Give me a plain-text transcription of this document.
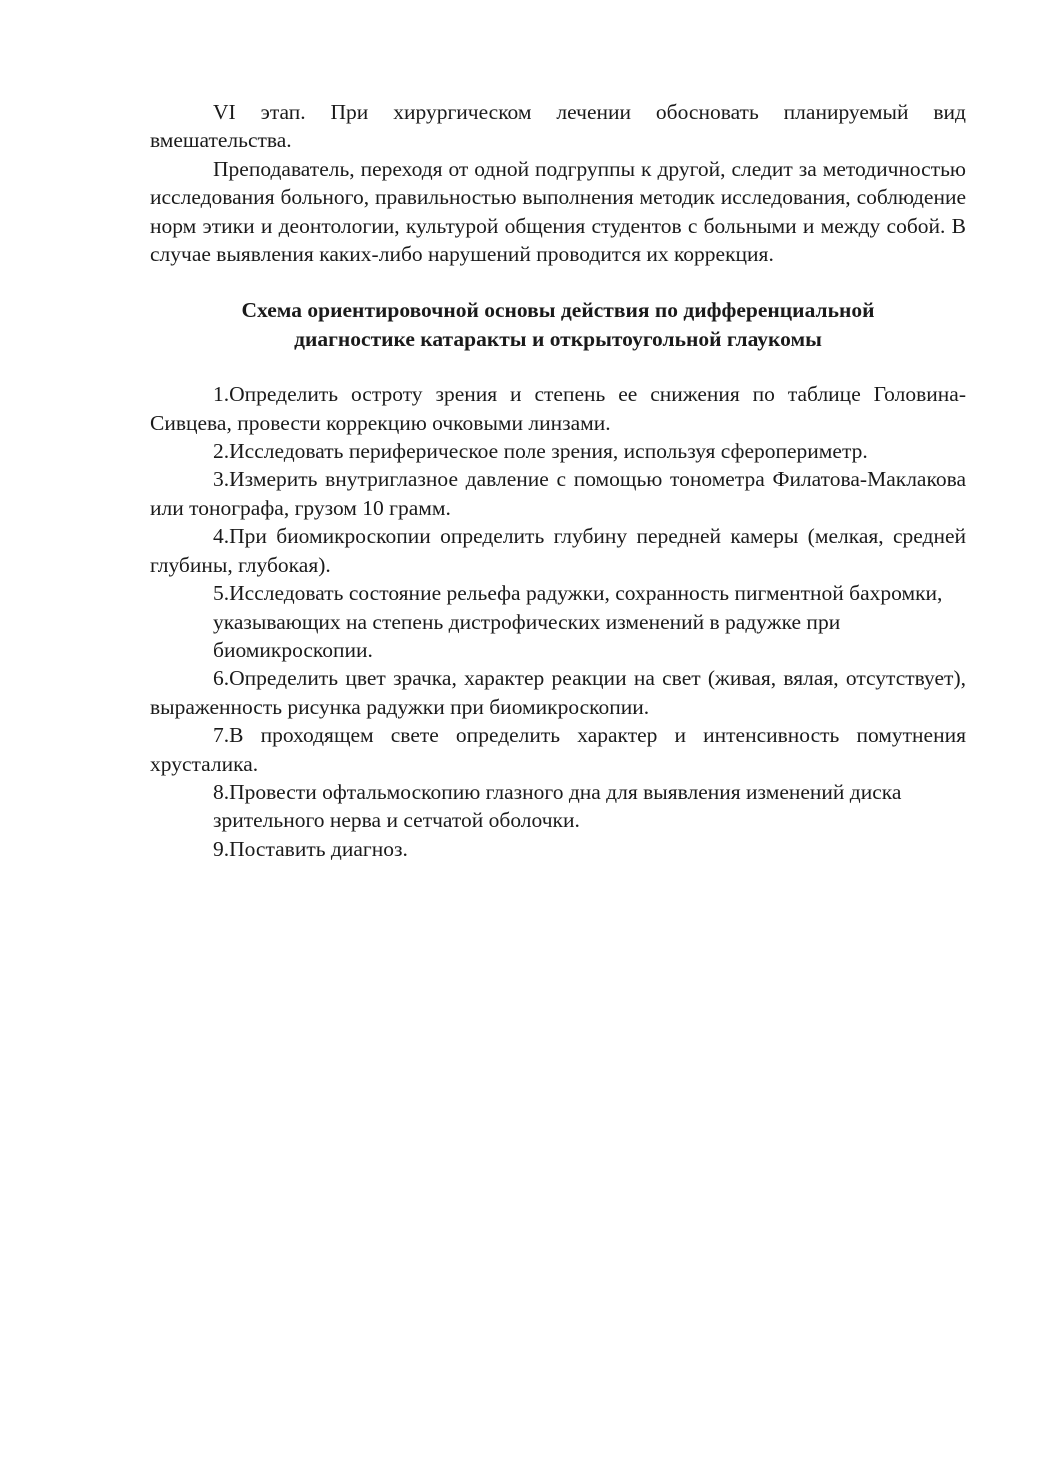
VI этап. При хирургическом лечении обосновать планируемый вид вмешательства.

Преподаватель, переходя от одной подгруппы к другой, следит за методичностью исследования больного, правильностью выполнения методик исследования, соблюдение норм этики и деонтологии, культурой общения студентов с больными и между собой. В случае выявления каких-либо нарушений проводится их коррекция.

Схема ориентировочной основы действия по дифференциальной

диагностике катаракты и открытоугольной глаукомы

1.Определить остроту зрения и степень ее снижения по таблице Головина-Сивцева, провести коррекцию очковыми линзами.

2.Исследовать периферическое поле зрения, используя сфероперимeтр.

3.Измерить внутриглазное давление с помощью тонометра Филатова-Маклакова или тонографа, грузом 10 грамм.

4.При биомикроскопии определить глубину передней камеры (мелкая, средней глубины, глубокая).

5.Исследовать состояние рельефа радужки, сохранность пигментной бахромки, указывающих на степень дистрофических изменений в радужке при биомикроскопии.

6.Определить цвет зрачка, характер реакции на свет (живая, вялая, отсутствует), выраженность рисунка радужки при биомикроскопии.

7.В проходящем свете определить характер и интенсивность помутнения хрусталика.

8.Провести офтальмоскопию глазного дна для выявления изменений диска зрительного нерва и сетчатой оболочки.

9.Поставить диагноз.
